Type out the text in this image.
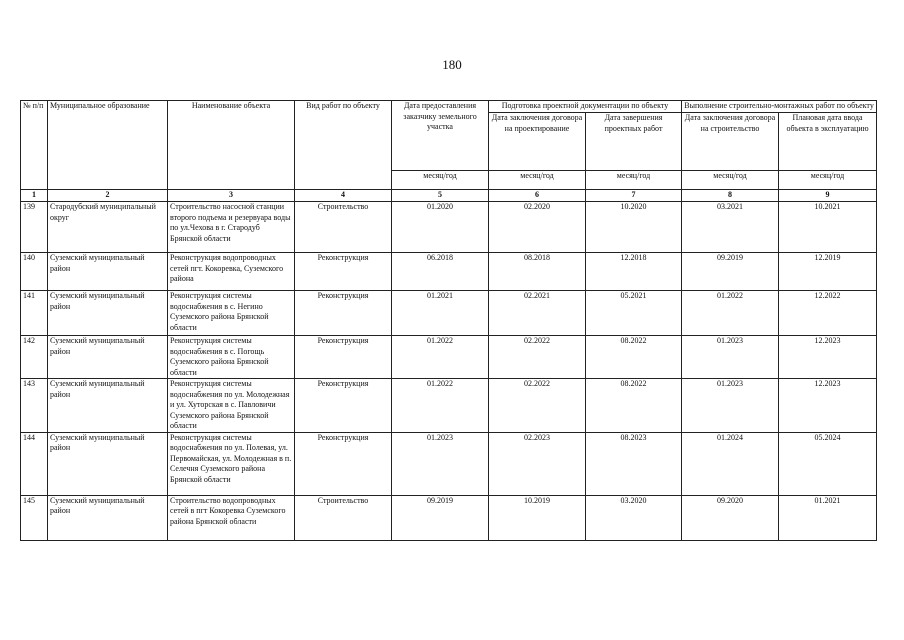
180
№ п/п	Муниципальное образование	Наименование объекта	Вид работ по объекту	Дата предоставления заказчику земельного участка	Подготовка проектной документации по объекту		Выполнение строительно-монтажных работ по объекту	
					Дата заключения договора на проектирование	Дата завершения проектных работ	Дата заключения договора на строительство	Плановая дата ввода объекта в эксплуатацию
				месяц/год	месяц/год	месяц/год	месяц/год	месяц/год
1	2	3	4	5	6	7	8	9
139	Стародубский муниципальный округ	Строительство насосной станции второго подъема и резервуара воды по ул.Чехова в г. Стародуб Брянской области	Строительство	01.2020	02.2020	10.2020	03.2021	10.2021
140	Суземский муниципальный район	Реконструкция водопроводных сетей пгт. Кокоревка, Суземского района	Реконструкция	06.2018	08.2018	12.2018	09.2019	12.2019
141	Суземский муниципальный район	Реконструкция системы водоснабжения в с. Негино Суземского района Брянской области	Реконструкция	01.2021	02.2021	05.2021	01.2022	12.2022
142	Суземский муниципальный район	Реконструкция системы водоснабжения в с. Погощь Суземского района Брянской области	Реконструкция	01.2022	02.2022	08.2022	01.2023	12.2023
143	Суземский муниципальный район	Реконструкция системы водоснабжения по ул. Молодежная и ул. Хуторская в с. Павловичи Суземского района Брянской области	Реконструкция	01.2022	02.2022	08.2022	01.2023	12.2023
144	Суземский муниципальный район	Реконструкция системы водоснабжения по ул. Полевая, ул. Первомайская, ул. Молодежная в п. Селечня Суземского района Брянской области	Реконструкция	01.2023	02.2023	08.2023	01.2024	05.2024
145	Суземский муниципальный район	Строительство водопроводных сетей в пгт Кокоревка Суземского района Брянской области	Строительство	09.2019	10.2019	03.2020	09.2020	01.2021
